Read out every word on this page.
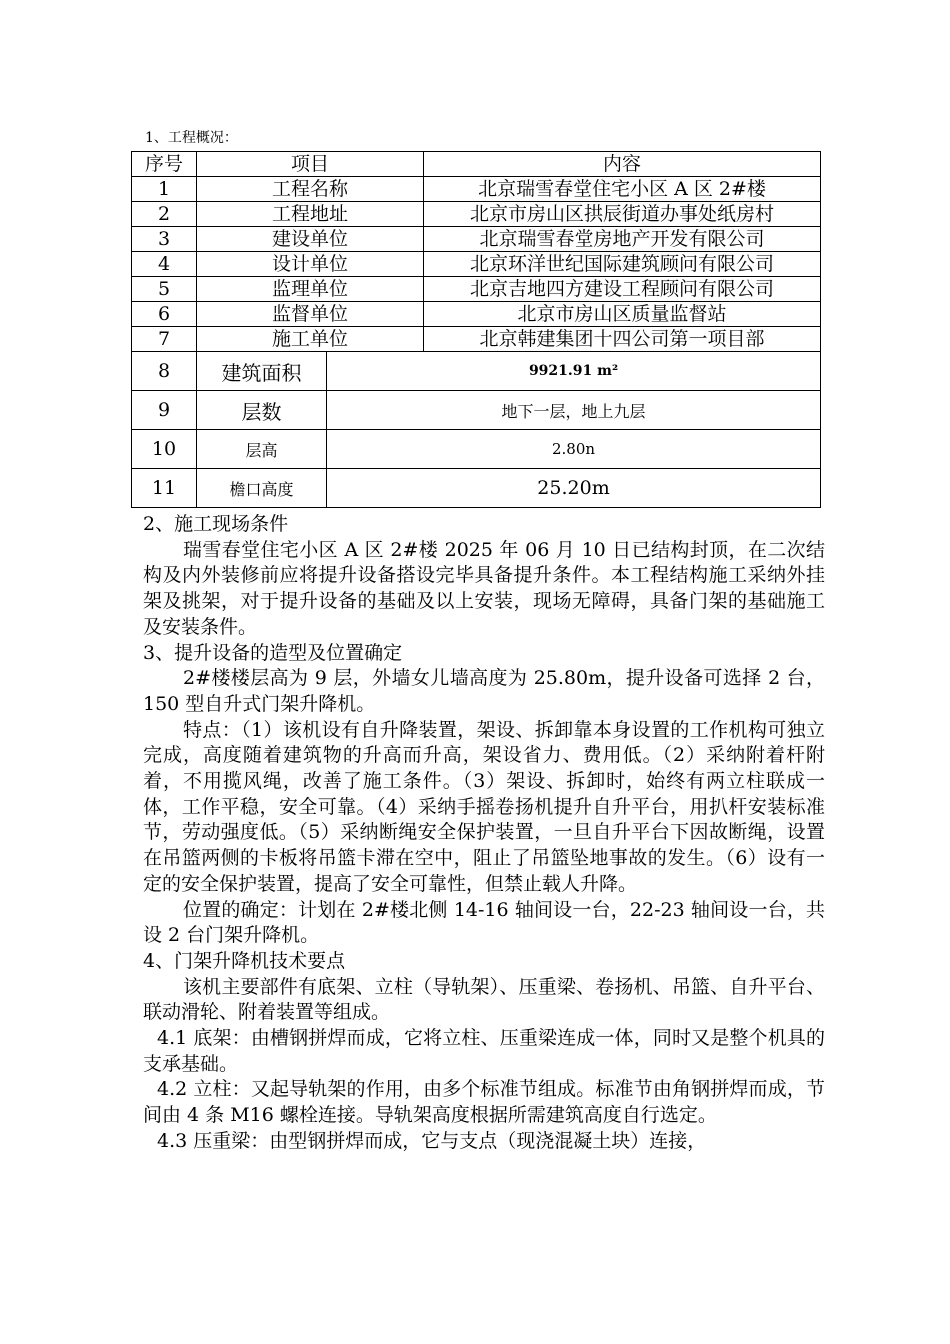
1、工程概况：
序号	项目		内容
1	工程名称		北京瑞雪春堂住宅小区 A 区 2#楼
2	工程地址		北京市房山区拱辰街道办事处纸房村
3	建设单位		北京瑞雪春堂房地产开发有限公司
4	设计单位		北京环洋世纪国际建筑顾问有限公司
5	监理单位		北京吉地四方建设工程顾问有限公司
6	监督单位		北京市房山区质量监督站
7	施工单位		北京韩建集团十四公司第一项目部
8	建筑面积	9921.91 m²	
9	层数	地下一层，地上九层	
10	层高	2.80n	
11	檐口高度	25.20m	

2、施工现场条件

瑞雪春堂住宅小区 A 区 2#楼 2025 年 06 月 10 日已结构封顶，在二次结构及内外装修前应将提升设备搭设完毕具备提升条件。本工程结构施工采纳外挂架及挑架，对于提升设备的基础及以上安装，现场无障碍，具备门架的基础施工及安装条件。

3、提升设备的造型及位置确定

2#楼楼层高为 9 层，外墙女儿墙高度为 25.80m，提升设备可选择 2 台，150 型自升式门架升降机。

特点：（1）该机设有自升降装置，架设、拆卸靠本身设置的工作机构可独立完成，高度随着建筑物的升高而升高，架设省力、费用低。（2）采纳附着杆附着，不用揽风绳，改善了施工条件。（3）架设、拆卸时，始终有两立柱联成一体，工作平稳，安全可靠。（4）采纳手摇卷扬机提升自升平台，用扒杆安装标准节，劳动强度低。（5）采纳断绳安全保护装置，一旦自升平台下因故断绳，设置在吊篮两侧的卡板将吊篮卡滞在空中，阻止了吊篮坠地事故的发生。（6）设有一定的安全保护装置，提高了安全可靠性，但禁止载人升降。

位置的确定：计划在 2#楼北侧 14-16 轴间设一台，22-23 轴间设一台，共设 2 台门架升降机。

4、门架升降机技术要点

该机主要部件有底架、立柱（导轨架）、压重梁、卷扬机、吊篮、自升平台、联动滑轮、附着装置等组成。

4.1 底架：由槽钢拼焊而成，它将立柱、压重梁连成一体，同时又是整个机具的支承基础。

4.2 立柱：又起导轨架的作用，由多个标准节组成。标准节由角钢拼焊而成，节间由 4 条 M16 螺栓连接。导轨架高度根据所需建筑高度自行选定。

4.3 压重梁：由型钢拼焊而成，它与支点（现浇混凝土块）连接，
